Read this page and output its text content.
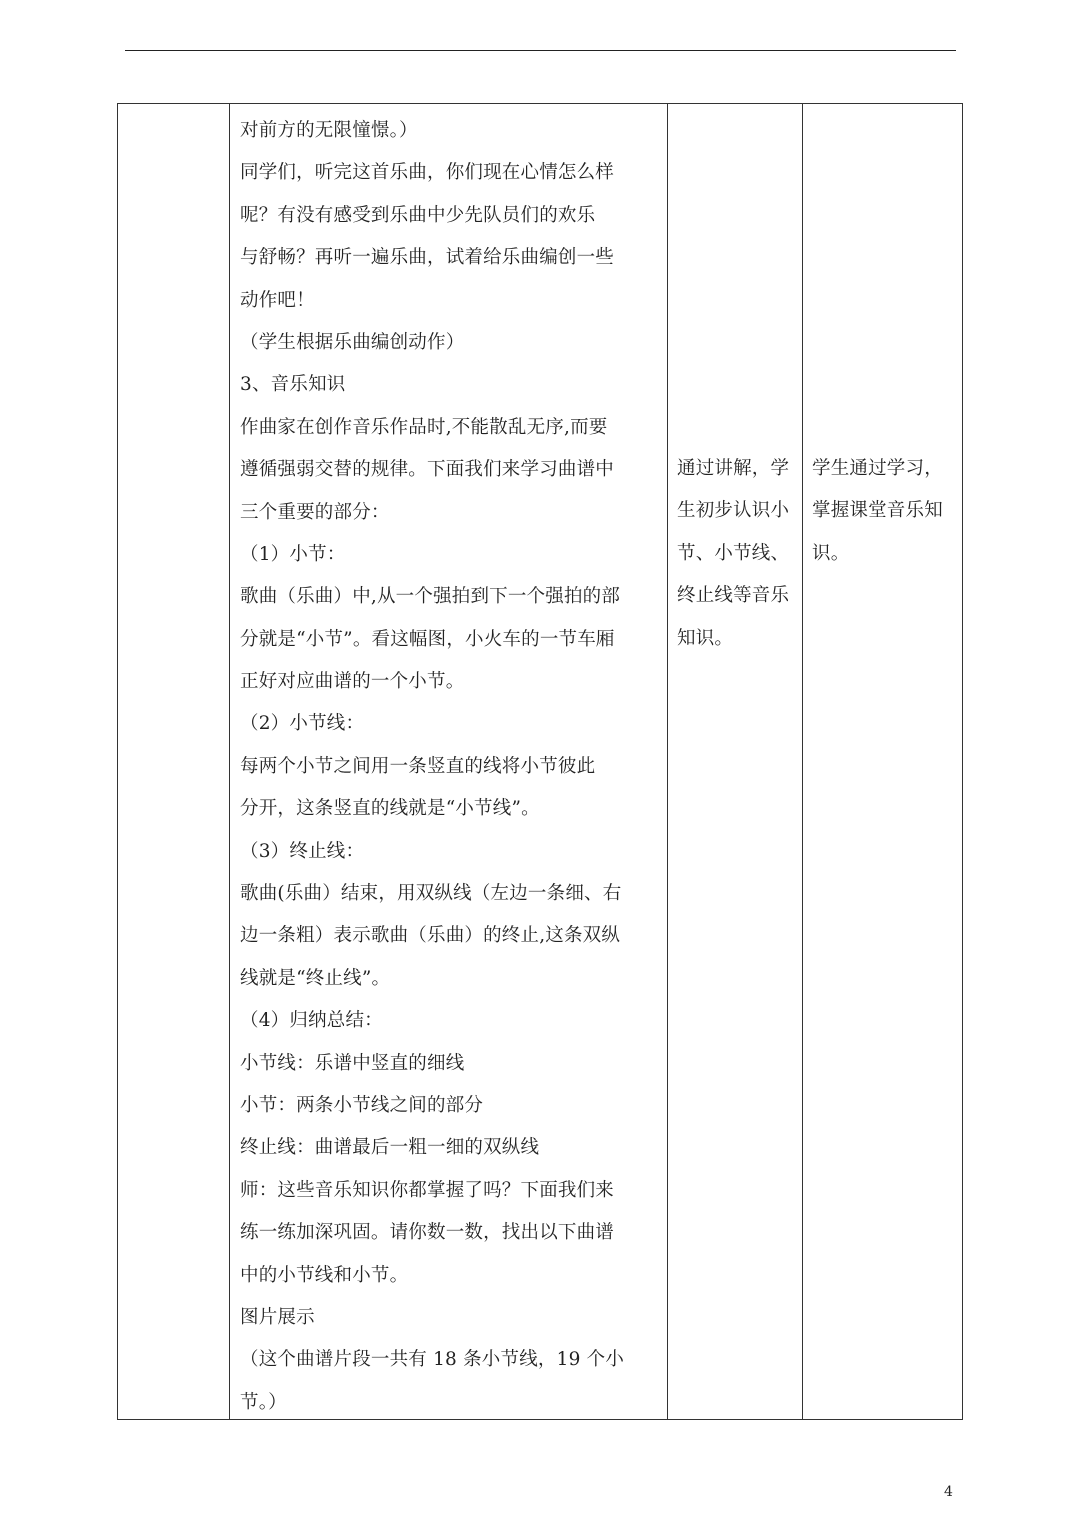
对前方的无限憧憬。）
同学们，听完这首乐曲，你们现在心情怎么样
呢？有没有感受到乐曲中少先队员们的欢乐
与舒畅？再听一遍乐曲，试着给乐曲编创一些
动作吧！
（学生根据乐曲编创动作）
3、音乐知识
作曲家在创作音乐作品时,不能散乱无序,而要
遵循强弱交替的规律。下面我们来学习曲谱中
三个重要的部分：
（1）小节：
歌曲（乐曲）中,从一个强拍到下一个强拍的部
分就是“小节”。看这幅图，小火车的一节车厢
正好对应曲谱的一个小节。
（2）小节线：
每两个小节之间用一条竖直的线将小节彼此
分开，这条竖直的线就是“小节线”。
（3）终止线：
歌曲(乐曲）结束，用双纵线（左边一条细、右
边一条粗）表示歌曲（乐曲）的终止,这条双纵
线就是“终止线”。
（4）归纳总结：
小节线：乐谱中竖直的细线
小节：两条小节线之间的部分
终止线：曲谱最后一粗一细的双纵线
师：这些音乐知识你都掌握了吗？下面我们来
练一练加深巩固。请你数一数，找出以下曲谱
中的小节线和小节。
图片展示
（这个曲谱片段一共有 18 条小节线，19 个小
节。）
通过讲解，学
生初步认识小
节、小节线、
终止线等音乐
知识。
学生通过学习，
掌握课堂音乐知
识。
4
